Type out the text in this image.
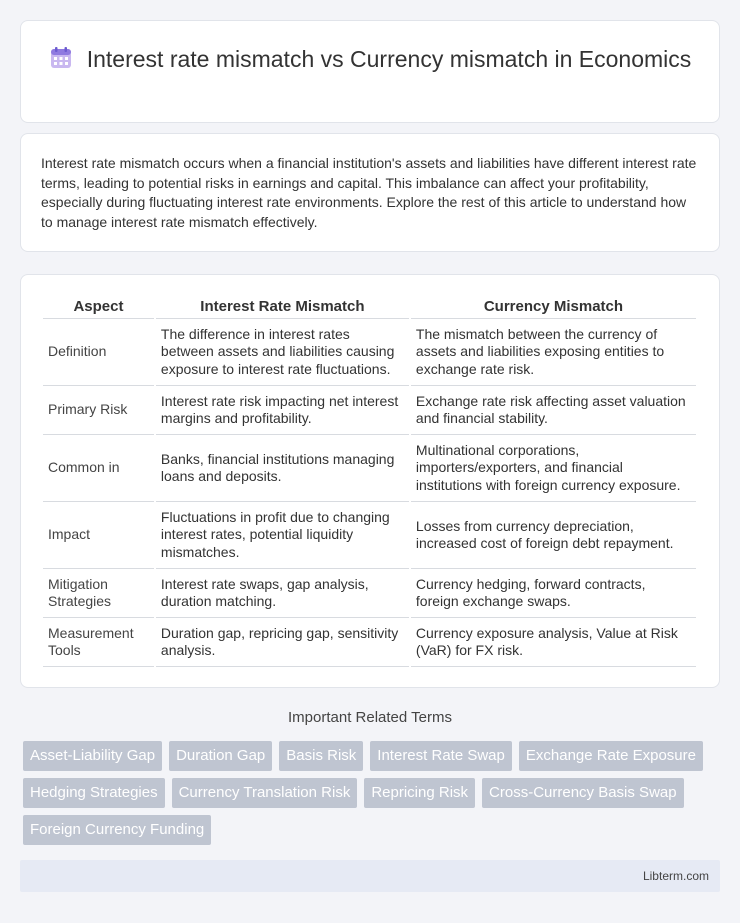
Interest rate mismatch vs Currency mismatch in Economics

Interest rate mismatch occurs when a financial institution's assets and liabilities have different interest rate terms, leading to potential risks in earnings and capital. This imbalance can affect your profitability, especially during fluctuating interest rate environments. Explore the rest of this article to understand how to manage interest rate mismatch effectively.

Aspect	Interest Rate Mismatch	Currency Mismatch
Definition	The difference in interest rates between assets and liabilities causing exposure to interest rate fluctuations.	The mismatch between the currency of assets and liabilities exposing entities to exchange rate risk.
Primary Risk	Interest rate risk impacting net interest margins and profitability.	Exchange rate risk affecting asset valuation and financial stability.
Common in	Banks, financial institutions managing loans and deposits.	Multinational corporations, importers/exporters, and financial institutions with foreign currency exposure.
Impact	Fluctuations in profit due to changing interest rates, potential liquidity mismatches.	Losses from currency depreciation, increased cost of foreign debt repayment.
Mitigation Strategies	Interest rate swaps, gap analysis, duration matching.	Currency hedging, forward contracts, foreign exchange swaps.
Measurement Tools	Duration gap, repricing gap, sensitivity analysis.	Currency exposure analysis, Value at Risk (VaR) for FX risk.
Important Related Terms
Asset-Liability Gap	Duration Gap	Basis Risk	Interest Rate Swap	Exchange Rate Exposure
Hedging Strategies	Currency Translation Risk	Repricing Risk	Cross-Currency Basis Swap
Foreign Currency Funding
Libterm.com
